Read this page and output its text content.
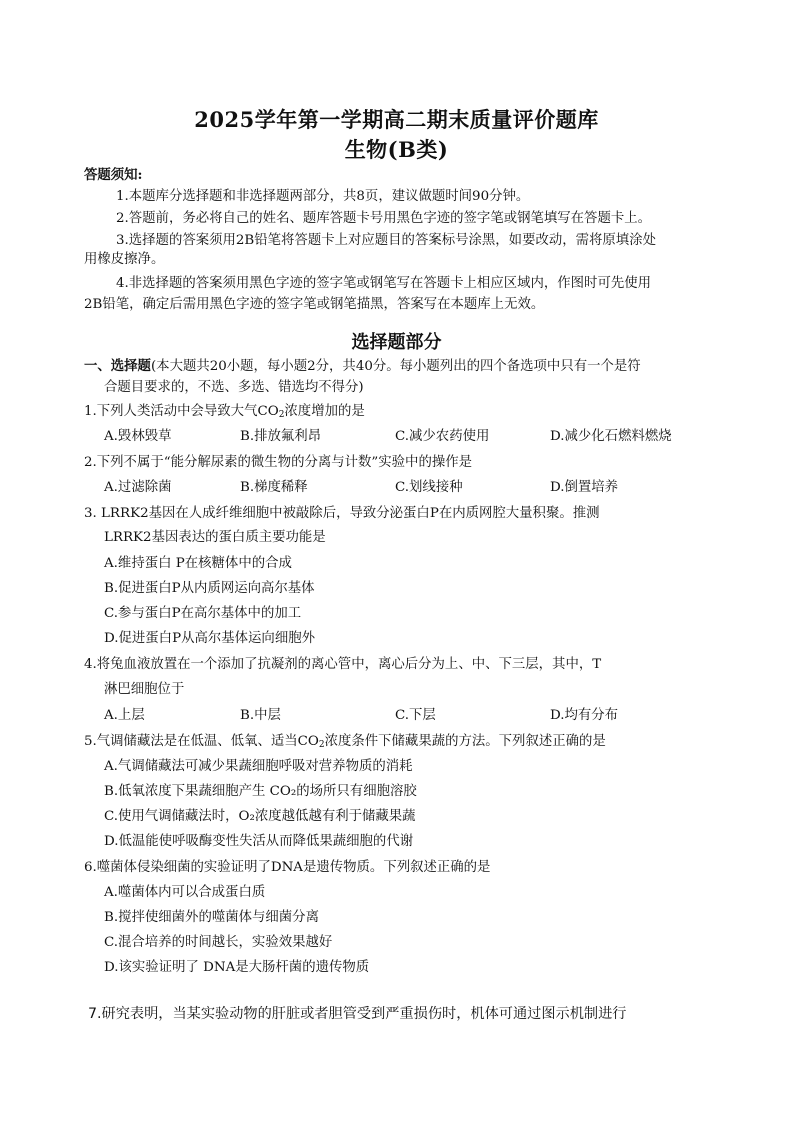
2025学年第一学期高二期末质量评价题库
生物(B类)
答题须知:
1.本题库分选择题和非选择题两部分，共8页，建议做题时间90分钟。
2.答题前，务必将自己的姓名、题库答题卡号用黑色字迹的签字笔或钢笔填写在答题卡上。
3.选择题的答案须用2B铅笔将答题卡上对应题目的答案标号涂黑，如要改动，需将原填涂处
用橡皮擦净。
4.非选择题的答案须用黑色字迹的签字笔或钢笔写在答题卡上相应区域内，作图时可先使用
2B铅笔，确定后需用黑色字迹的签字笔或钢笔描黑，答案写在本题库上无效。
选择题部分
一、选择题(本大题共20小题，每小题2分，共40分。每小题列出的四个备选项中只有一个是符
合题目要求的，不选、多选、错选均不得分)
1.下列人类活动中会导致大气$CO_2$浓度增加的是
A.毁林毁草	B.排放氟利昂	C.减少农药使用	D.减少化石燃料燃烧
2.下列不属于“能分解尿素的微生物的分离与计数”实验中的操作是
A.过滤除菌	B.梯度稀释	C.划线接种	D.倒置培养
3. LRRK2基因在人成纤维细胞中被敲除后，导致分泌蛋白P在内质网腔大量积聚。推测
LRRK2基因表达的蛋白质主要功能是
A.维持蛋白 P在核糖体中的合成
B.促进蛋白P从内质网运向高尔基体
C.参与蛋白P在高尔基体中的加工
D.促进蛋白P从高尔基体运向细胞外
4.将兔血液放置在一个添加了抗凝剂的离心管中，离心后分为上、中、下三层，其中，T
淋巴细胞位于
A.上层	B.中层	C.下层	D.均有分布
5.气调储藏法是在低温、低氧、适当$CO_2$浓度条件下储藏果蔬的方法。下列叙述正确的是
A.气调储藏法可减少果蔬细胞呼吸对营养物质的消耗
B.低氧浓度下果蔬细胞产生 CO₂的场所只有细胞溶胶
C.使用气调储藏法时，O₂浓度越低越有利于储藏果蔬
D.低温能使呼吸酶变性失活从而降低果蔬细胞的代谢
6.噬菌体侵染细菌的实验证明了DNA是遗传物质。下列叙述正确的是
A.噬菌体内可以合成蛋白质
B.搅拌使细菌外的噬菌体与细菌分离
C.混合培养的时间越长，实验效果越好
D.该实验证明了 DNA是大肠杆菌的遗传物质
7.研究表明，当某实验动物的肝脏或者胆管受到严重损伤时，机体可通过图示机制进行
